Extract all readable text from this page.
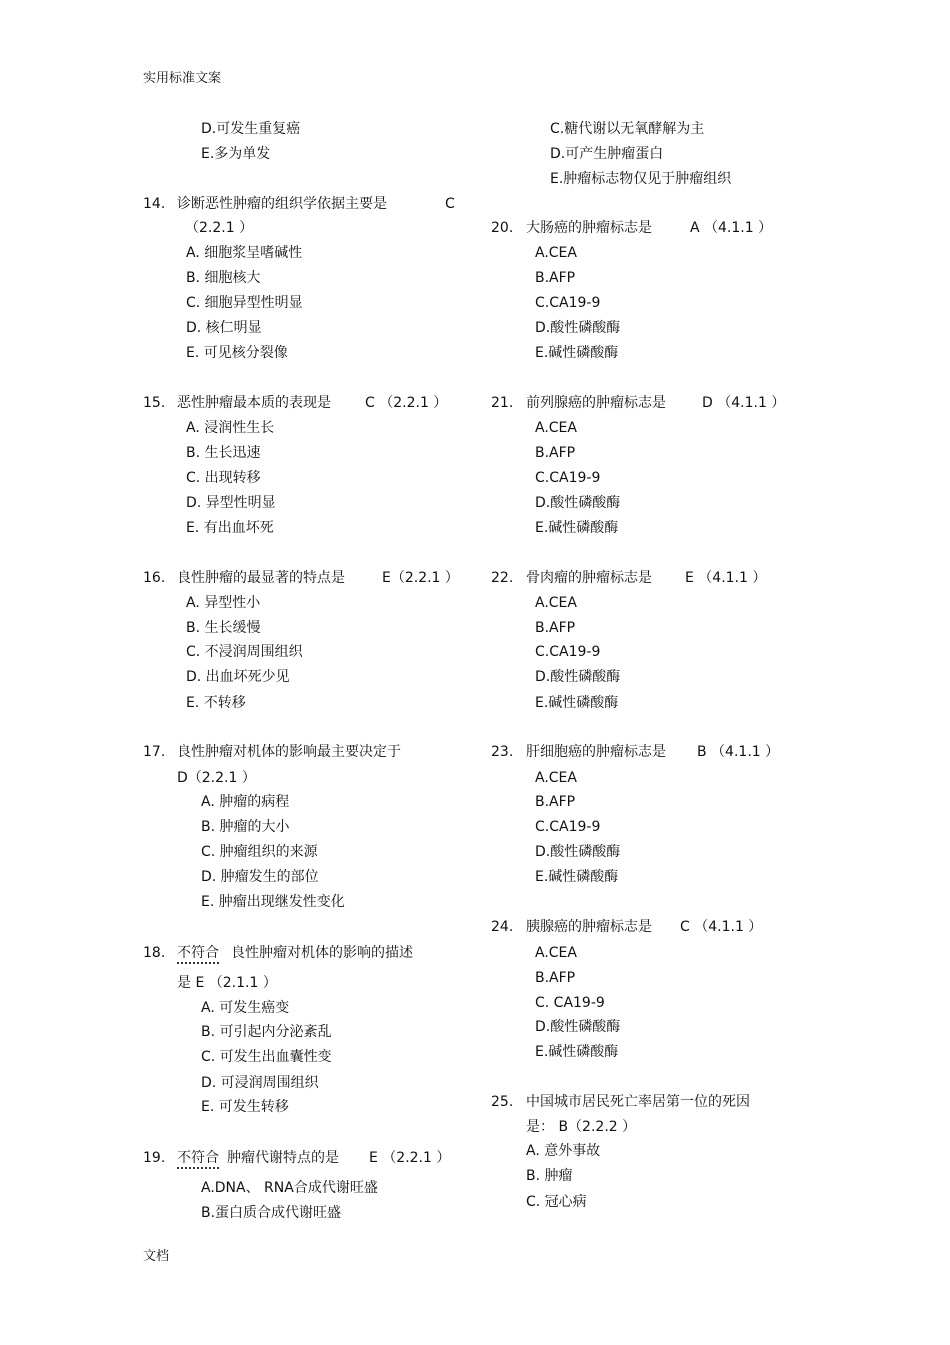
实用标准文案
文档
D.可发生重复癌
E.多为单发
14. 诊断恶性肿瘤的组织学依据主要是	C
（2.2.1 ）
A. 细胞浆呈嗜碱性
B. 细胞核大
C. 细胞异型性明显
D. 核仁明显
E. 可见核分裂像
15. 恶性肿瘤最本质的表现是 C （2.2.1 ）
A. 浸润性生长
B. 生长迅速
C. 出现转移
D. 异型性明显
E. 有出血坏死
16. 良性肿瘤的最显著的特点是	E（2.2.1 ）
A. 异型性小
B. 生长缓慢
C. 不浸润周围组织
D. 出血坏死少见
E. 不转移
17. 良性肿瘤对机体的影响最主要决定于
D（2.2.1 ）
A. 肿瘤的病程
B. 肿瘤的大小
C. 肿瘤组织的来源
D. 肿瘤发生的部位
E. 肿瘤出现继发性变化
18. 不符合 良性肿瘤对机体的影响的描述
是 E （2.1.1 ）
A. 可发生癌变
B. 可引起内分泌紊乱
C. 可发生出血囊性变
D. 可浸润周围组织
E. 可发生转移
19. 不符合 肿瘤代谢特点的是 E （2.2.1 ）
A.DNA、 RNA合成代谢旺盛
B.蛋白质合成代谢旺盛
C.糖代谢以无氧酵解为主
D.可产生肿瘤蛋白
E.肿瘤标志物仅见于肿瘤组织
20. 大肠癌的肿瘤标志是	A （4.1.1 ）
A.CEA
B.AFP
C.CA19-9
D.酸性磷酸酶
E.碱性磷酸酶
21. 前列腺癌的肿瘤标志是	D （4.1.1 ）
A.CEA
B.AFP
C.CA19-9
D.酸性磷酸酶
E.碱性磷酸酶
22. 骨肉瘤的肿瘤标志是 E （4.1.1 ）
A.CEA
B.AFP
C.CA19-9
D.酸性磷酸酶
E.碱性磷酸酶
23. 肝细胞癌的肿瘤标志是 B （4.1.1 ）
A.CEA
B.AFP
C.CA19-9
D.酸性磷酸酶
E.碱性磷酸酶
24. 胰腺癌的肿瘤标志是 C （4.1.1 ）
A.CEA
B.AFP
C. CA19-9
D.酸性磷酸酶
E.碱性磷酸酶
25. 中国城市居民死亡率居第一位的死因
是： B（2.2.2 ）
A. 意外事故
B. 肿瘤
C. 冠心病
